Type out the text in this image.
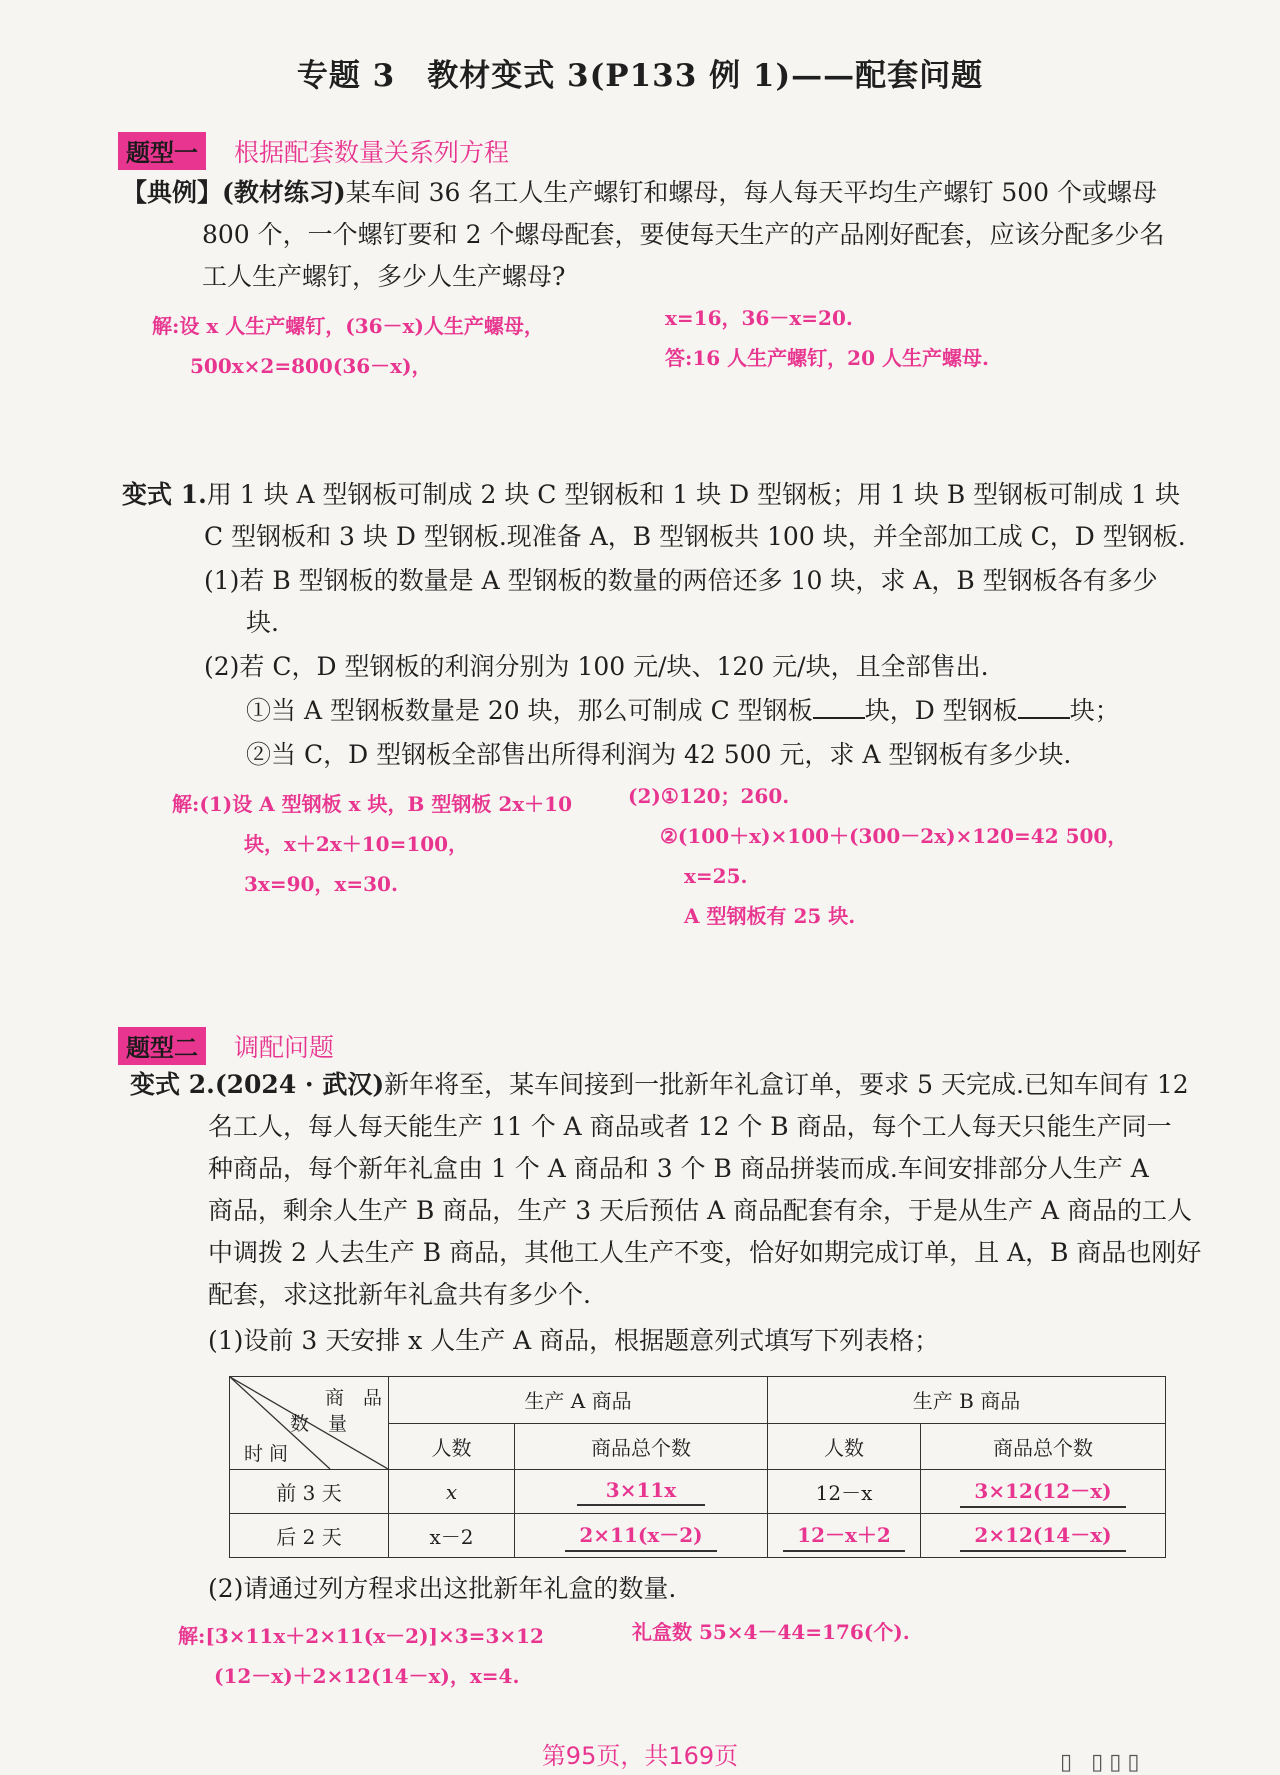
专题 3　教材变式 3(P133 例 1)——配套问题
题型一	根据配套数量关系列方程
【典例】(教材练习)某车间 36 名工人生产螺钉和螺母，每人每天平均生产螺钉 500 个或螺母
800 个，一个螺钉要和 2 个螺母配套，要使每天生产的产品刚好配套，应该分配多少名
工人生产螺钉，多少人生产螺母?
解:设 x 人生产螺钉，(36－x)人生产螺母，
500x×2=800(36－x)，
x=16，36－x=20.
答:16 人生产螺钉，20 人生产螺母.
变式 1.用 1 块 A 型钢板可制成 2 块 C 型钢板和 1 块 D 型钢板；用 1 块 B 型钢板可制成 1 块
C 型钢板和 3 块 D 型钢板.现准备 A，B 型钢板共 100 块，并全部加工成 C，D 型钢板.
(1)若 B 型钢板的数量是 A 型钢板的数量的两倍还多 10 块，求 A，B 型钢板各有多少
块.
(2)若 C，D 型钢板的利润分别为 100 元/块、120 元/块，且全部售出.
①当 A 型钢板数量是 20 块，那么可制成 C 型钢板 块，D 型钢板 块；
②当 C，D 型钢板全部售出所得利润为 42 500 元，求 A 型钢板有多少块.
解:(1)设 A 型钢板 x 块，B 型钢板 2x＋10
块，x＋2x＋10=100，
3x=90，x=30.
(2)①120；260.
②(100＋x)×100＋(300－2x)×120=42 500，
x=25.
A 型钢板有 25 块.
题型二	调配问题
变式 2.(2024 · 武汉)新年将至，某车间接到一批新年礼盒订单，要求 5 天完成.已知车间有 12
名工人，每人每天能生产 11 个 A 商品或者 12 个 B 商品，每个工人每天只能生产同一
种商品，每个新年礼盒由 1 个 A 商品和 3 个 B 商品拼装而成.车间安排部分人生产 A
商品，剩余人生产 B 商品，生产 3 天后预估 A 商品配套有余，于是从生产 A 商品的工人
中调拨 2 人去生产 B 商品，其他工人生产不变，恰好如期完成订单，且 A，B 商品也刚好
配套，求这批新年礼盒共有多少个.
(1)设前 3 天安排 x 人生产 A 商品，根据题意列式填写下列表格；
商　品
数　量
时 间	生产 A 商品		生产 B 商品	
	人数	商品总个数	人数	商品总个数
前 3 天	x	3×11x	12－x	3×12(12－x)
后 2 天	x－2	2×11(x－2)	12－x＋2	2×12(14－x)
(2)请通过列方程求出这批新年礼盒的数量.
解:[3×11x＋2×11(x－2)]×3=3×12
(12－x)＋2×12(14－x)，x=4.
礼盒数 55×4－44=176(个).
▯ ▯▯▯
第95页，共169页
